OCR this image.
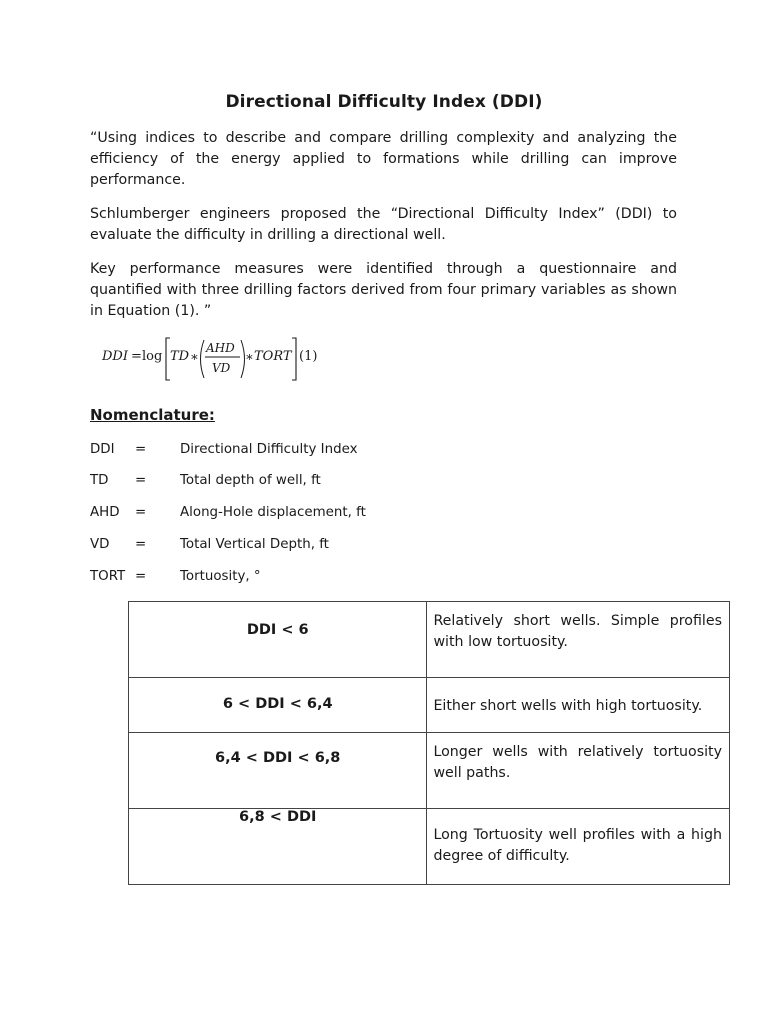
Directional Difficulty Index (DDI)

“Using indices to describe and compare drilling complexity and analyzing the efficiency of the energy applied to formations while drilling can improve performance.

Schlumberger engineers proposed the “Directional Difficulty Index” (DDI) to evaluate the difficulty in drilling a directional well.

Key performance measures were identified through a questionnaire and quantified with three drilling factors derived from four primary variables as shown in Equation (1). ”

DDI = log TD ∗
AHD
VD
∗ TORT (1)
Nomenclature:
DDI =	Directional Difficulty Index
TD =	Total depth of well, ft
AHD =	Along-Hole displacement, ft
VD =	Total Vertical Depth, ft
TORT =	Tortuosity, °
DDI < 6	Relatively short wells. Simple profiles with low tortuosity.

6 < DDI < 6,4	Either short wells with high tortuosity.

6,4 < DDI < 6,8	Longer wells with relatively tortuosity well paths.

6,8 < DDI	Long Tortuosity well profiles with a high degree of difficulty.
